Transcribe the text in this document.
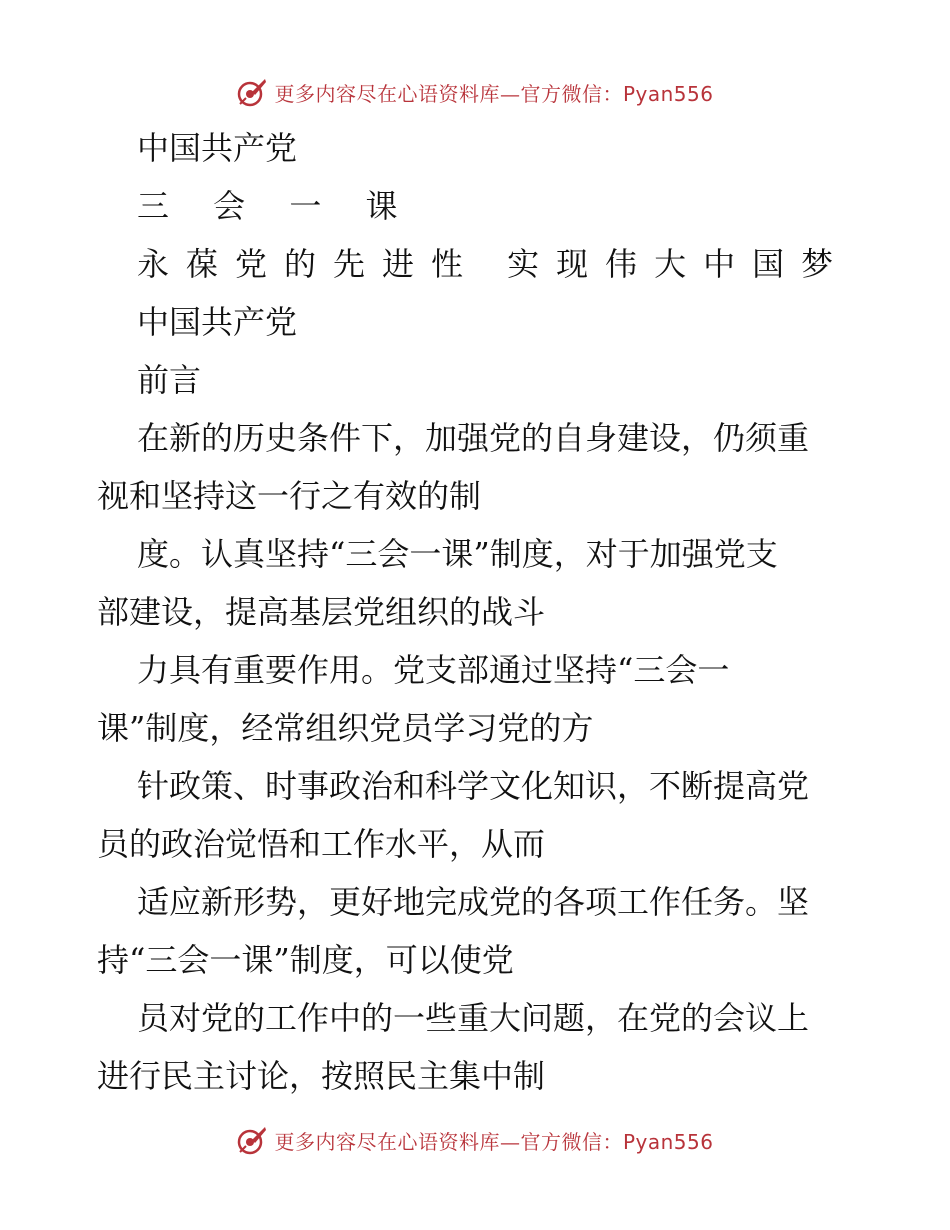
更多内容尽在心语资料库—官方微信：Pyan556
中国共产党
三 会 一 课
永葆党的先进性 实现伟大中国梦
中国共产党
前言
在新的历史条件下，加强党的自身建设，仍须重
视和坚持这一行之有效的制
度。认真坚持“三会一课”制度，对于加强党支
部建设，提高基层党组织的战斗
力具有重要作用。党支部通过坚持“三会一
课”制度，经常组织党员学习党的方
针政策、时事政治和科学文化知识，不断提高党
员的政治觉悟和工作水平，从而
适应新形势，更好地完成党的各项工作任务。坚
持“三会一课”制度，可以使党
员对党的工作中的一些重大问题，在党的会议上
进行民主讨论，按照民主集中制
更多内容尽在心语资料库—官方微信：Pyan556
